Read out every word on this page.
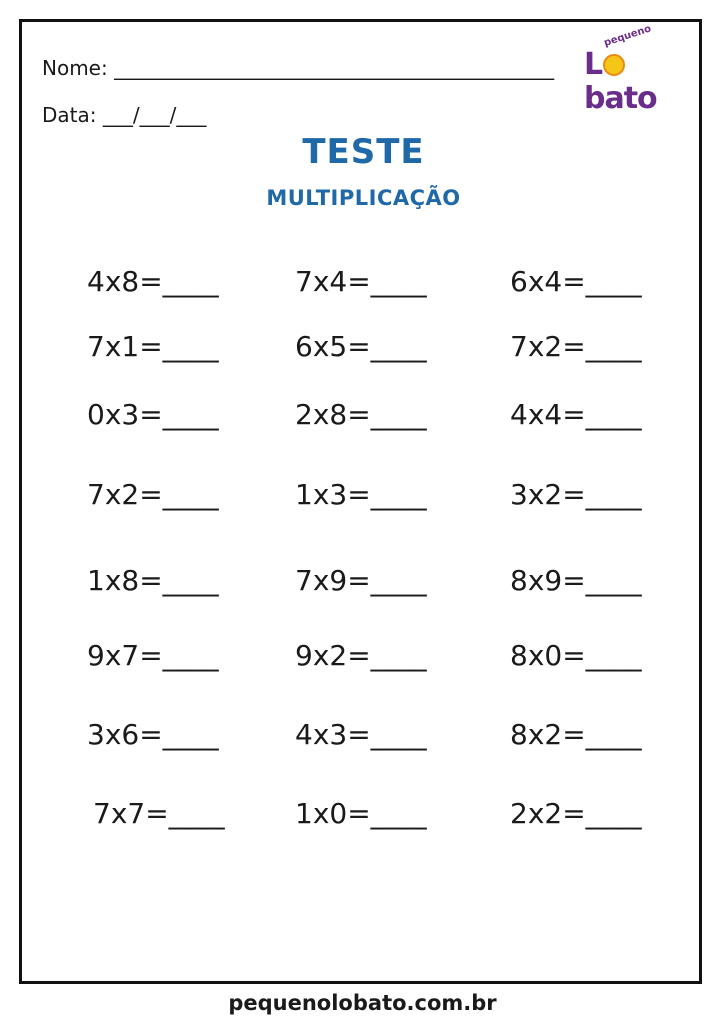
Nome: ____________________________________________
Data: ___/___/___
pequeno
Lbato
TESTE
MULTIPLICAÇÃO
4x8=____	7x4=____	6x4=____
7x1=____	6x5=____	7x2=____
0x3=____	2x8=____	4x4=____
7x2=____	1x3=____	3x2=____
1x8=____	7x9=____	8x9=____
9x7=____	9x2=____	8x0=____
3x6=____	4x3=____	8x2=____
7x7=____	1x0=____	2x2=____
pequenolobato.com.br
